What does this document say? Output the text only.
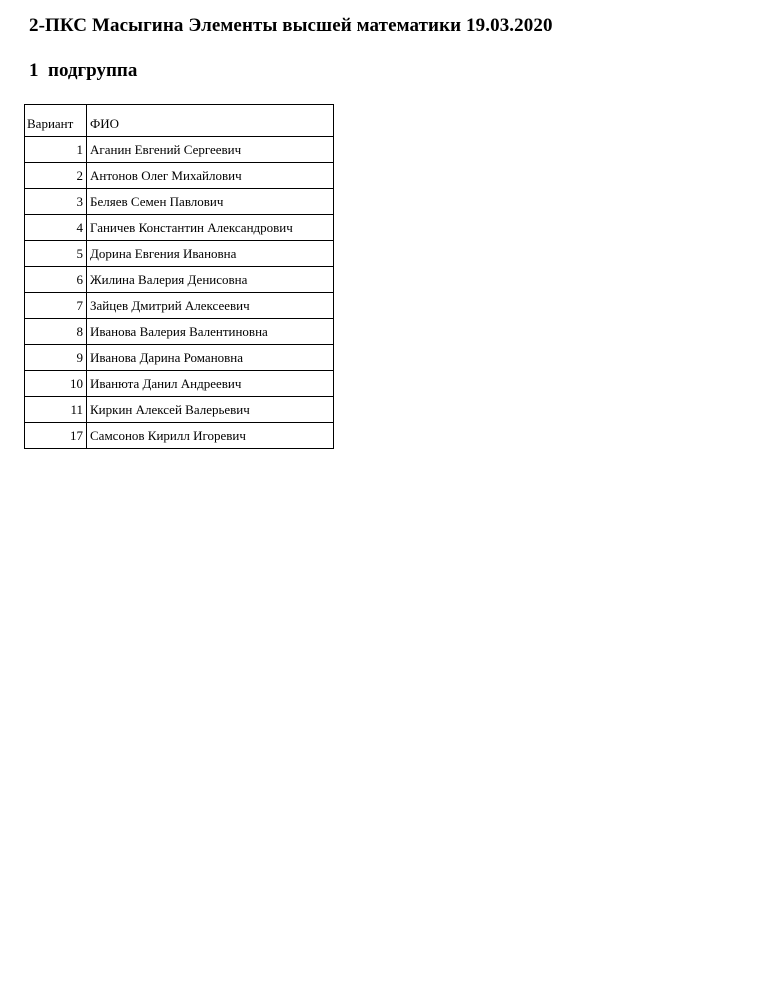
2-ПКС Масыгина Элементы высшей математики 19.03.2020
1  подгруппа
Вариант	ФИО
1	Аганин Евгений Сергеевич
2	Антонов Олег Михайлович
3	Беляев Семен Павлович
4	Ганичев Константин Александрович
5	Дорина Евгения Ивановна
6	Жилина Валерия Денисовна
7	Зайцев Дмитрий Алексеевич
8	Иванова Валерия Валентиновна
9	Иванова Дарина Романовна
10	Иванюта Данил Андреевич
11	Киркин Алексей Валерьевич
17	Самсонов Кирилл Игоревич
